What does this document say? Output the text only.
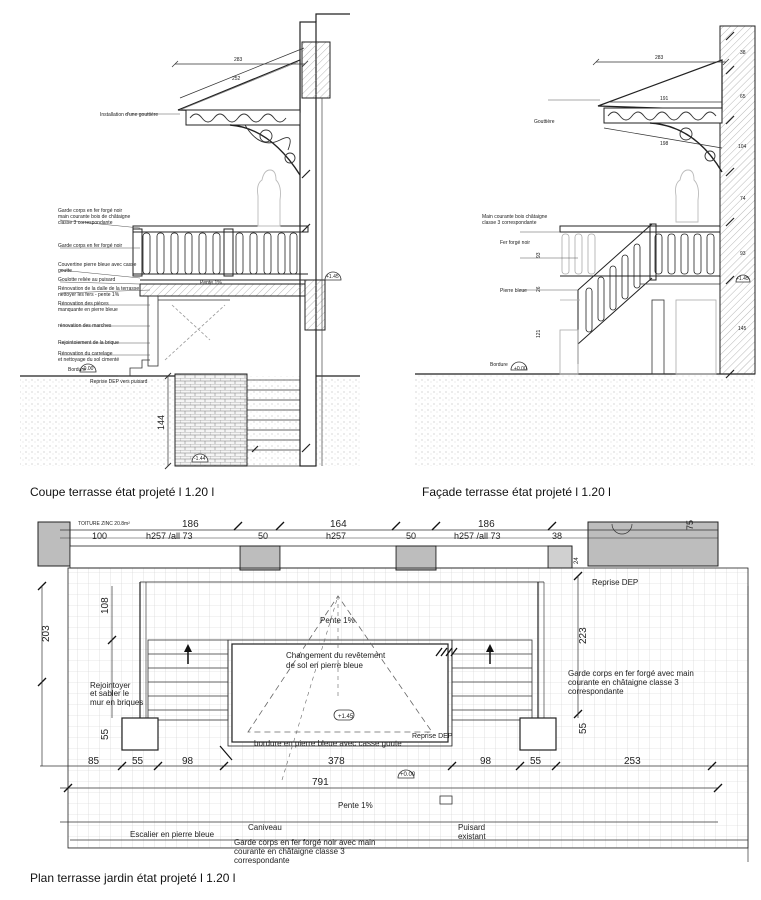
283
252
Installation d'une gouttière
Garde corps en fer forgé noir
main courante bois de châtaigne
classe 3 correspondante
Garde corps en fer forgé noir
Couvertine pierre bleue avec casse
goutte
Goulotte reliée au puisard
Rénovation de la dalle de la terrasse
nettoyer les fers - pente 1%
Rénovation des pièces
manquante en pierre bleue
rénovation des marches
Rejointoiement de la brique
Rénovation du carrelage
et nettoyage du sol cimenté
Bordure
-0.00
Reprise DEP vers puisard
Pente 1%
+1.45
-1.44
144
283
191
198
Gouttière
Main courante bois châtaigne
classe 3 correspondante
Fer forgé noir
Pierre bleue
Bordure
+0.00
+1.45
38
65
104
74
93
145
93
26
121
TOITURE ZINC 20.8m²	186	164	186
100	h257 /all 73	50	h257	50	h257 /all 73	38
Reprise DEP
Pente 1%
Changement du revêtement
de sol en pierre bleue
+1.45
Reprise DEP
bordure en pierre bleue avec casse goute
Rejointoyer
et sabler le
mur en briques
Garde corps en fer forgé avec main
courante en châtaigne classe 3
correspondante
203
108
55
223
55
24
75
85	55	98	378	98	55	253
+0.00
791
Pente 1%
Escalier en pierre bleue
Caniveau
Garde corps en fer forgé noir avec main
courante en châtaigne classe 3
correspondante
Puisard
existant
Coupe terrasse état projeté l 1.20 l	Façade terrasse état projeté l 1.20 l
Plan terrasse jardin état projeté l 1.20 l
